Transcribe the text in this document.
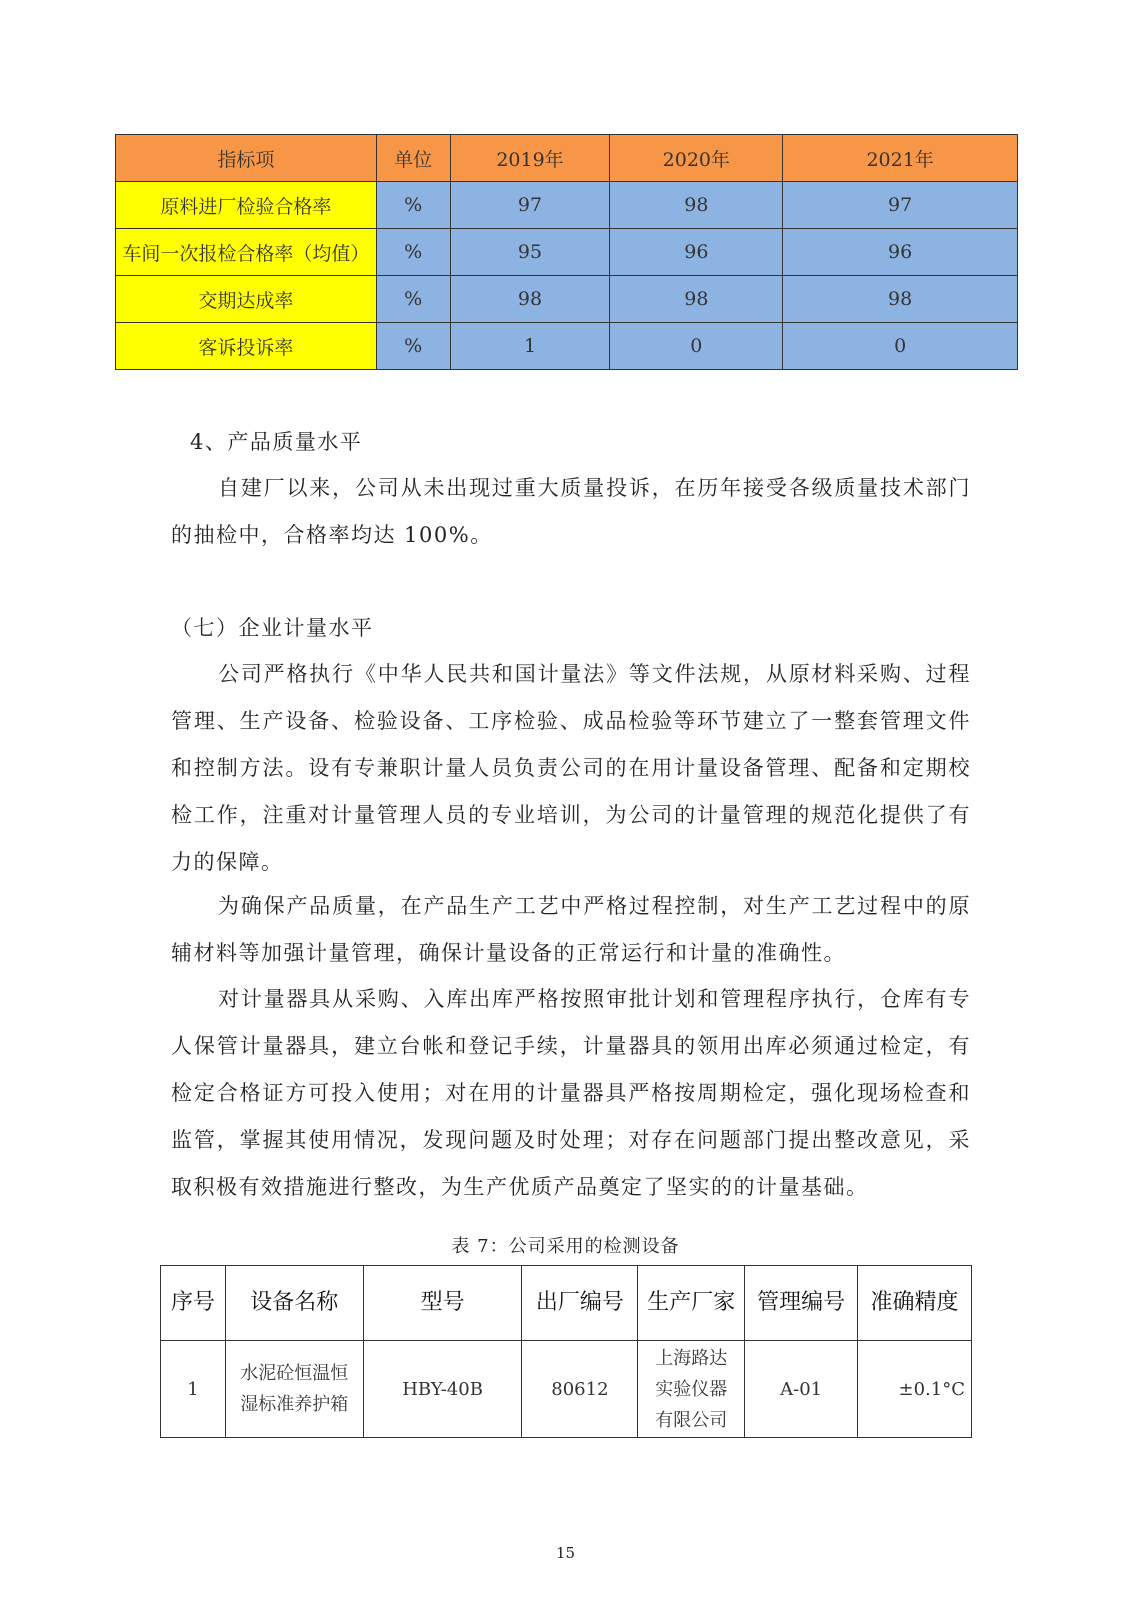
指标项	单位	2019年	2020年	2021年
原料进厂检验合格率	%	97	98	97
车间一次报检合格率（均值）	%	95	96	96
交期达成率	%	98	98	98
客诉投诉率	%	1	0	0
4、产品质量水平

自建厂以来，公司从未出现过重大质量投诉，在历年接受各级质量技术部门的抽检中，合格率均达 100%。

（七）企业计量水平

公司严格执行《中华人民共和国计量法》等文件法规，从原材料采购、过程管理、生产设备、检验设备、工序检验、成品检验等环节建立了一整套管理文件和控制方法。设有专兼职计量人员负责公司的在用计量设备管理、配备和定期校检工作，注重对计量管理人员的专业培训，为公司的计量管理的规范化提供了有力的保障。

为确保产品质量，在产品生产工艺中严格过程控制，对生产工艺过程中的原辅材料等加强计量管理，确保计量设备的正常运行和计量的准确性。

对计量器具从采购、入库出库严格按照审批计划和管理程序执行，仓库有专人保管计量器具，建立台帐和登记手续，计量器具的领用出库必须通过检定，有检定合格证方可投入使用；对在用的计量器具严格按周期检定，强化现场检查和监管，掌握其使用情况，发现问题及时处理；对存在问题部门提出整改意见，采取积极有效措施进行整改，为生产优质产品奠定了坚实的的计量基础。

表 7：公司采用的检测设备
序号	设备名称	型号	出厂编号	生产厂家	管理编号	准确精度
1	水泥砼恒温恒湿标准养护箱	HBY-40B	80612	上海路达实验仪器有限公司	A-01	±0.1°C
15
